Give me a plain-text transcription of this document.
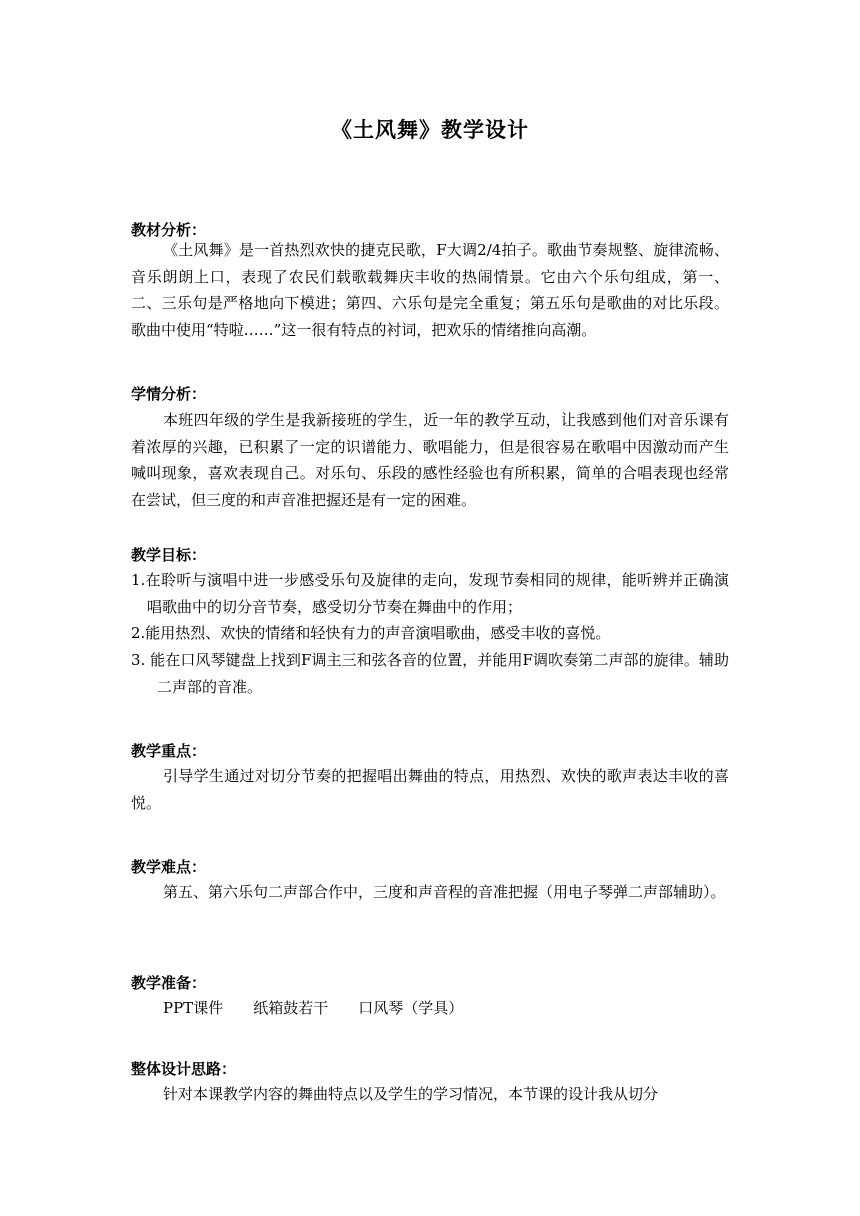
《土风舞》教学设计
教材分析：

《土风舞》是一首热烈欢快的捷克民歌，F大调2/4拍子。歌曲节奏规整、旋律流畅、音乐朗朗上口，表现了农民们载歌载舞庆丰收的热闹情景。它由六个乐句组成，第一、二、三乐句是严格地向下模进；第四、六乐句是完全重复；第五乐句是歌曲的对比乐段。歌曲中使用“特啦……”这一很有特点的衬词，把欢乐的情绪推向高潮。

学情分析：

本班四年级的学生是我新接班的学生，近一年的教学互动，让我感到他们对音乐课有着浓厚的兴趣，已积累了一定的识谱能力、歌唱能力，但是很容易在歌唱中因激动而产生喊叫现象，喜欢表现自己。对乐句、乐段的感性经验也有所积累，简单的合唱表现也经常在尝试，但三度的和声音准把握还是有一定的困难。

教学目标：

1.在聆听与演唱中进一步感受乐句及旋律的走向，发现节奏相同的规律，能听辨并正确演唱歌曲中的切分音节奏，感受切分节奏在舞曲中的作用；

2.能用热烈、欢快的情绪和轻快有力的声音演唱歌曲，感受丰收的喜悦。

3. 能在口风琴键盘上找到F调主三和弦各音的位置，并能用F调吹奏第二声部的旋律。辅助二声部的音准。

教学重点：

引导学生通过对切分节奏的把握唱出舞曲的特点，用热烈、欢快的歌声表达丰收的喜悦。

教学难点：

第五、第六乐句二声部合作中，三度和声音程的音准把握（用电子琴弹二声部辅助）。

教学准备：
PPT课件 纸箱鼓若干 口风琴（学具）
整体设计思路：

针对本课教学内容的舞曲特点以及学生的学习情况，本节课的设计我从切分
